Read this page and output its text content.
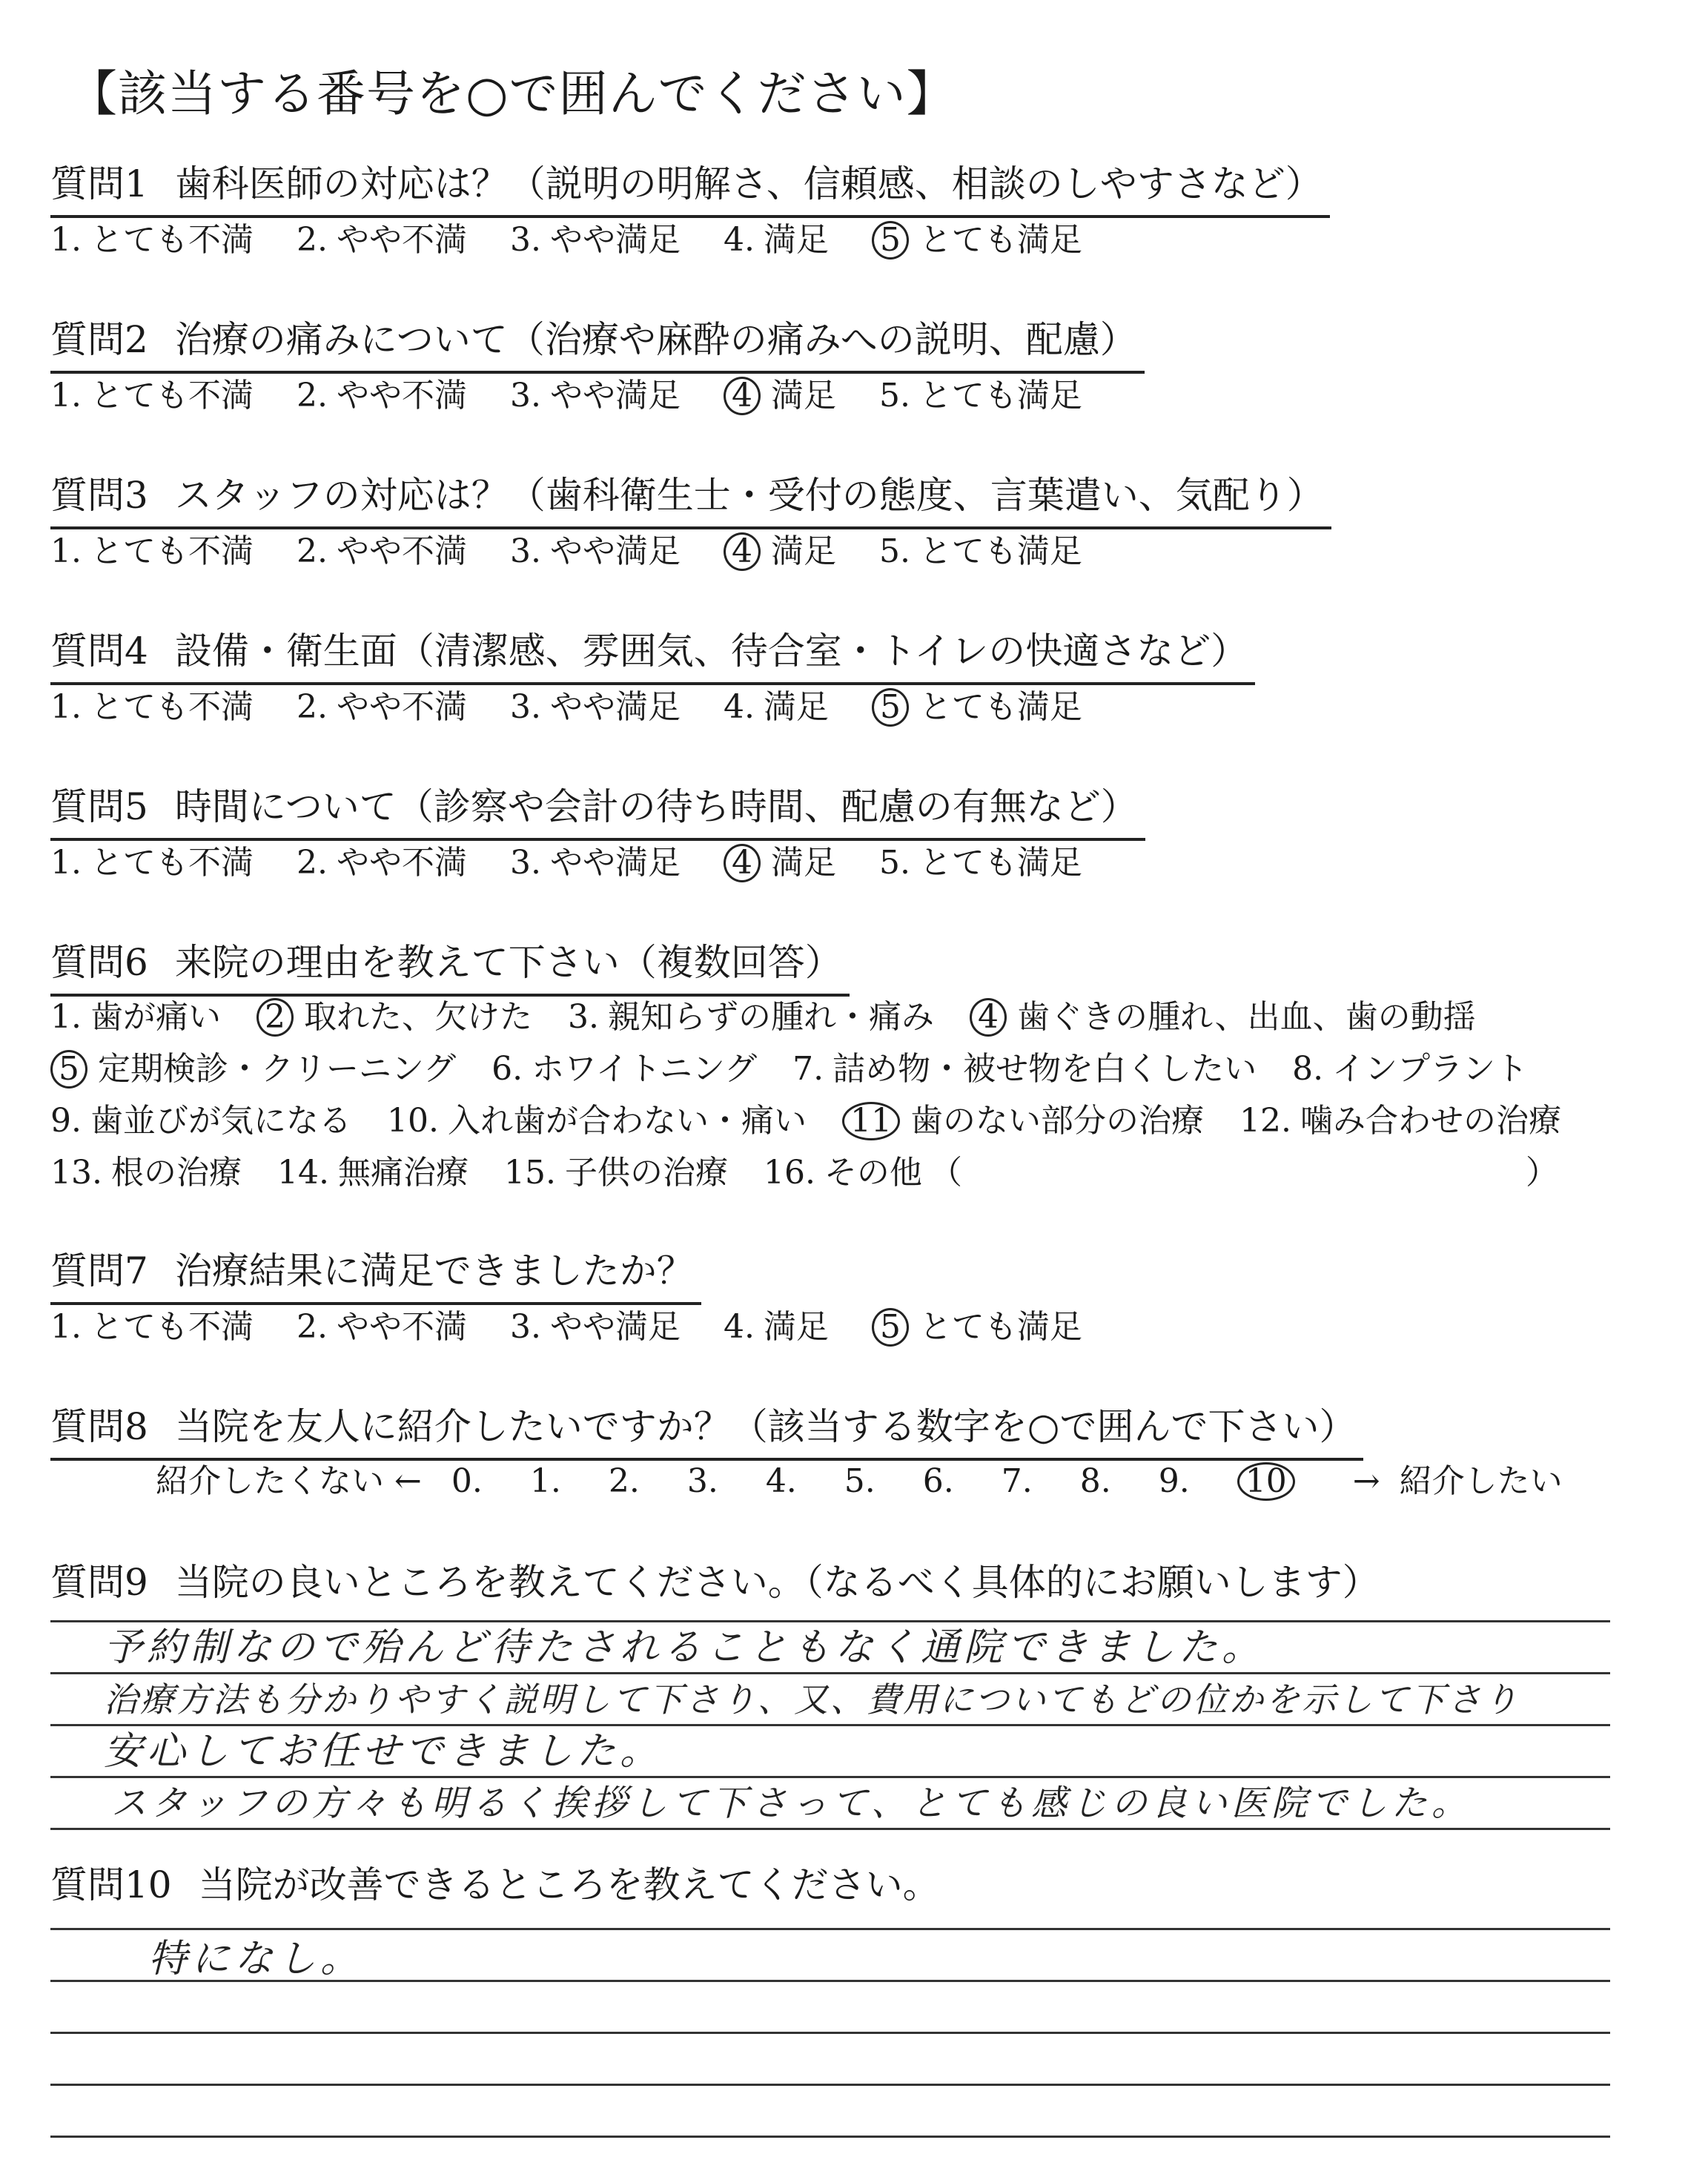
【該当する番号を○で囲んでください】
質問1 歯科医師の対応は？（説明の明解さ、信頼感、相談のしやすさなど）
1. とても不満 2. やや不満 3. やや満足 4. 満足 5 とても満足
質問2 治療の痛みについて（治療や麻酔の痛みへの説明、配慮）
1. とても不満 2. やや不満 3. やや満足 4 満足 5. とても満足
質問3 スタッフの対応は？（歯科衛生士・受付の態度、言葉遣い、気配り）
1. とても不満 2. やや不満 3. やや満足 4 満足 5. とても満足
質問4 設備・衛生面（清潔感、雰囲気、待合室・トイレの快適さなど）
1. とても不満 2. やや不満 3. やや満足 4. 満足 5 とても満足
質問5 時間について（診察や会計の待ち時間、配慮の有無など）
1. とても不満 2. やや不満 3. やや満足 4 満足 5. とても満足
質問6 来院の理由を教えて下さい（複数回答）
1. 歯が痛い 2 取れた、欠けた 3. 親知らずの腫れ・痛み 4 歯ぐきの腫れ、出血、歯の動揺
5 定期検診・クリーニング 6. ホワイトニング 7. 詰め物・被せ物を白くしたい 8. インプラント
9. 歯並びが気になる 10. 入れ歯が合わない・痛い 11 歯のない部分の治療 12. 噛み合わせの治療
13. 根の治療 14. 無痛治療 15. 子供の治療 16. その他 （	）
質問7 治療結果に満足できましたか？
1. とても不満 2. やや不満 3. やや満足 4. 満足 5 とても満足
質問8 当院を友人に紹介したいですか？（該当する数字を○で囲んで下さい）
紹介したくない ← 0. 1. 2. 3. 4. 5. 6. 7. 8. 9. 10 → 紹介したい
質問9 当院の良いところを教えてください。（なるべく具体的にお願いします）
予約制なので殆んど待たされることもなく通院できました。
治療方法も分かりやすく説明して下さり、又、費用についてもどの位かを示して下さり
安心してお任せできました。
スタッフの方々も明るく挨拶して下さって、とても感じの良い医院でした。
質問10 当院が改善できるところを教えてください。
特になし。
